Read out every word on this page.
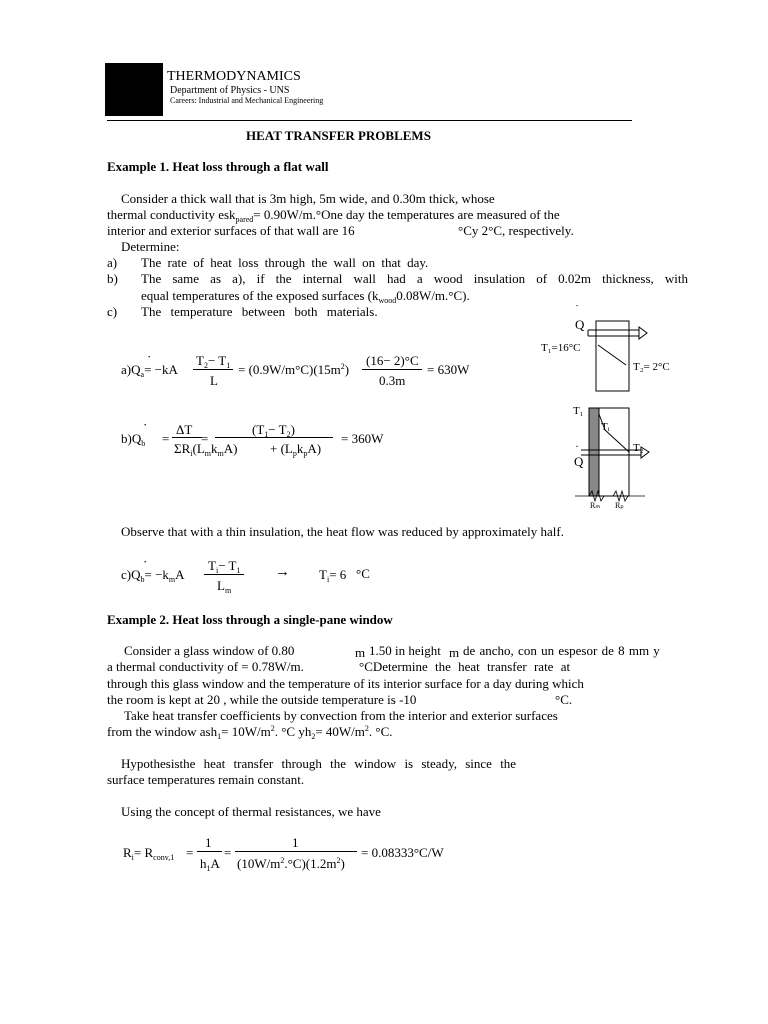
THERMODYNAMICS
Department of Physics - UNS
Careers: Industrial and Mechanical Engineering
HEAT TRANSFER PROBLEMS
Example 1. Heat loss through a flat wall
Consider a thick wall that is 3m high, 5m wide, and 0.30m thick, whose
thermal conductivity esk$_{pared}$= 0.90W/m.°One day the temperatures are measured of the
interior and exterior surfaces of that wall are 16	°Cy 2°C, respectively.
Determine:
a) The rate of heat loss through the wall on that day.
b) The same as a), if the internal wall had a wood insulation of 0.02m thickness, with
equal temperatures of the exposed surfaces $(k_{wood}0.08W/m.^\circ C)$.
c) The temperature between both materials.	·
Q
T₁=16°C
T₂= 2°C
·
$a)Q_a= -kA$
$T_2- T_1$
L
= $(0.9W/m^\circ C)(15m^2)$
(16− 2)°C
0.3m
= 630W
T₁
Tᵢ
T₂
·
Q
Rₘ Rₚ
·
$b)Q_b$ =
ΔT
$\Sigma R_i(L_mk_mA)$
=
$(T_1- T_2)$
+ $(L_pk_pA)$
= 360W
Observe that with a thin insulation, the heat flow was reduced by approximately half.
·
$c)Q_b= -k_mA$
$T_i- T_1$
$L_m$
→ $T_i= 6$ °C
Example 2. Heat loss through a single-pane window
Consider a glass window of 0.80	m 1.50 in height m de ancho, con un espesor de 8 mm y
a thermal conductivity of = 0.78W/m.	°CDetermine the heat transfer rate at
through this glass window and the temperature of its interior surface for a day during which
the room is kept at 20 , while the outside temperature is -10	°C.
Take heat transfer coefficients by convection from the interior and exterior surfaces
from the window $ash_1= 10W/m^2$. °C $yh_2= 40W/m^2$. °C.
Hypothesisthe heat transfer through the window is steady, since the
surface temperatures remain constant.
Using the concept of thermal resistances, we have
$R_i= R_{conv,1}$ =
1
$h_1A$
=
1
$(10W/m^2.^\circ C)(1.2m^2)$
= 0.08333°C/W
